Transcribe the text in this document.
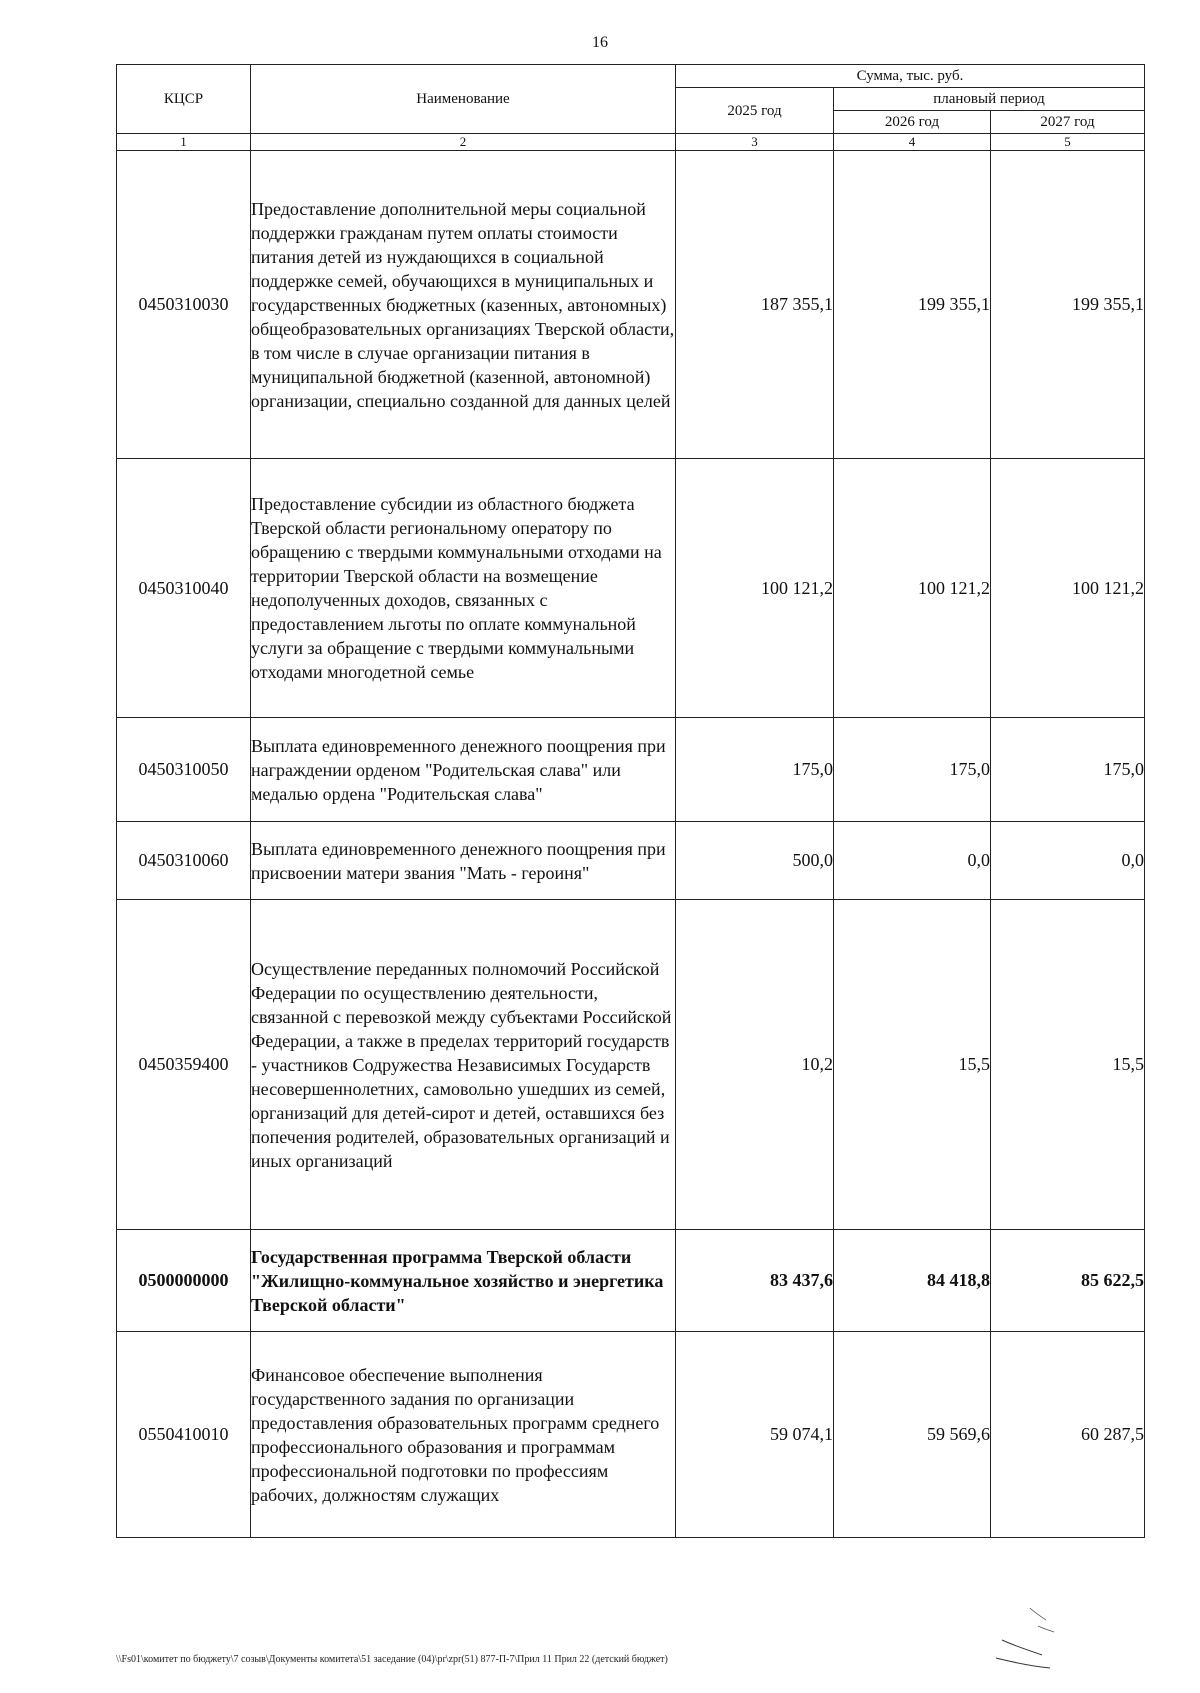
16
КЦСР	Наименование	Сумма, тыс. руб.		
		2025 год	плановый период	
			2026 год	2027 год
1	2	3	4	5
0450310030	Предоставление дополнительной меры социальной поддержки гражданам путем оплаты стоимости питания детей из нуждающихся в социальной поддержке семей, обучающихся в муниципальных и государственных бюджетных (казенных, автономных) общеобразовательных организациях Тверской области, в том числе в случае организации питания в муниципальной бюджетной (казенной, автономной) организации, специально созданной для данных целей	187 355,1	199 355,1	199 355,1
0450310040	Предоставление субсидии из областного бюджета Тверской области региональному оператору по обращению с твердыми коммунальными отходами на территории Тверской области на возмещение недополученных доходов, связанных с предоставлением льготы по оплате коммунальной услуги за обращение с твердыми коммунальными отходами многодетной семье	100 121,2	100 121,2	100 121,2
0450310050	Выплата единовременного денежного поощрения при награждении орденом "Родительская слава" или медалью ордена "Родительская слава"	175,0	175,0	175,0
0450310060	Выплата единовременного денежного поощрения при присвоении матери звания "Мать - героиня"	500,0	0,0	0,0
0450359400	Осуществление переданных полномочий Российской Федерации по осуществлению деятельности, связанной с перевозкой между субъектами Российской Федерации, а также в пределах территорий государств - участников Содружества Независимых Государств несовершеннолетних, самовольно ушедших из семей, организаций для детей-сирот и детей, оставшихся без попечения родителей, образовательных организаций и иных организаций	10,2	15,5	15,5
0500000000	Государственная программа Тверской области "Жилищно-коммунальное хозяйство и энергетика Тверской области"	83 437,6	84 418,8	85 622,5
0550410010	Финансовое обеспечение выполнения государственного задания по организации предоставления образовательных программ среднего профессионального образования и программам профессиональной подготовки по профессиям рабочих, должностям служащих	59 074,1	59 569,6	60 287,5
\\Fs01\комитет по бюджету\7 созыв\Документы комитета\51 заседание (04)\pr\zpr(51) 877-П-7\Прил 11 Прил 22 (детский бюджет)
